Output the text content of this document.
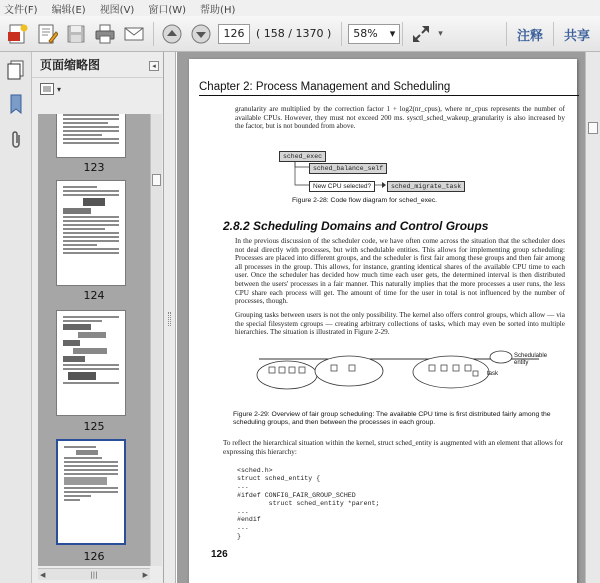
文件(F) 编辑(E) 视图(V) 窗口(W) 帮助(H)
126	( 158 / 1370 ) 58% ▾	▾	注释	共享
页面缩略图	◂
▾
123
124
125
126
◀	|||	▶
Chapter 2: Process Management and Scheduling
granularity are multiplied by the correction factor 1 + log2(nr_cpus), where nr_cpus represents the number of available CPUs. However, they must not exceed 200 ms. sysctl_sched_wakeup_granularity is also increased by the factor, but is not bounded from above.
sched_exec
sched_balance_self
New CPU selected?	sched_migrate_task
Figure 2-28: Code flow diagram for sched_exec.
2.8.2 Scheduling Domains and Control Groups
In the previous discussion of the scheduler code, we have often come across the situation that the scheduler does not deal directly with processes, but with schedulable entities. This allows for implementing group scheduling: Processes are placed into different groups, and the scheduler is first fair among these groups and then fair among all processes in the group. This allows, for instance, granting identical shares of the available CPU time to each user. Once the scheduler has decided how much time each user gets, the determined interval is then distributed between the users' processes in a fair manner. This naturally implies that the more processes a user runs, the less CPU share each process will get. The amount of time for the user in total is not influenced by the number of processes, though.
Grouping tasks between users is not the only possibility. The kernel also offers control groups, which allow — via the special filesystem cgroups — creating arbitrary collections of tasks, which may even be sorted into multiple hierarchies. The situation is illustrated in Figure 2-29.
Schedulable entity
task
Figure 2-29: Overview of fair group scheduling: The available CPU time is first distributed fairly among the scheduling groups, and then between the processes in each group.
To reflect the hierarchical situation within the kernel, struct sched_entity is augmented with an element that allows for expressing this hierarchy:
<sched.h>
struct sched_entity {
...
#ifdef CONFIG_FAIR_GROUP_SCHED
struct sched_entity *parent;
...
#endif
...
}
126
